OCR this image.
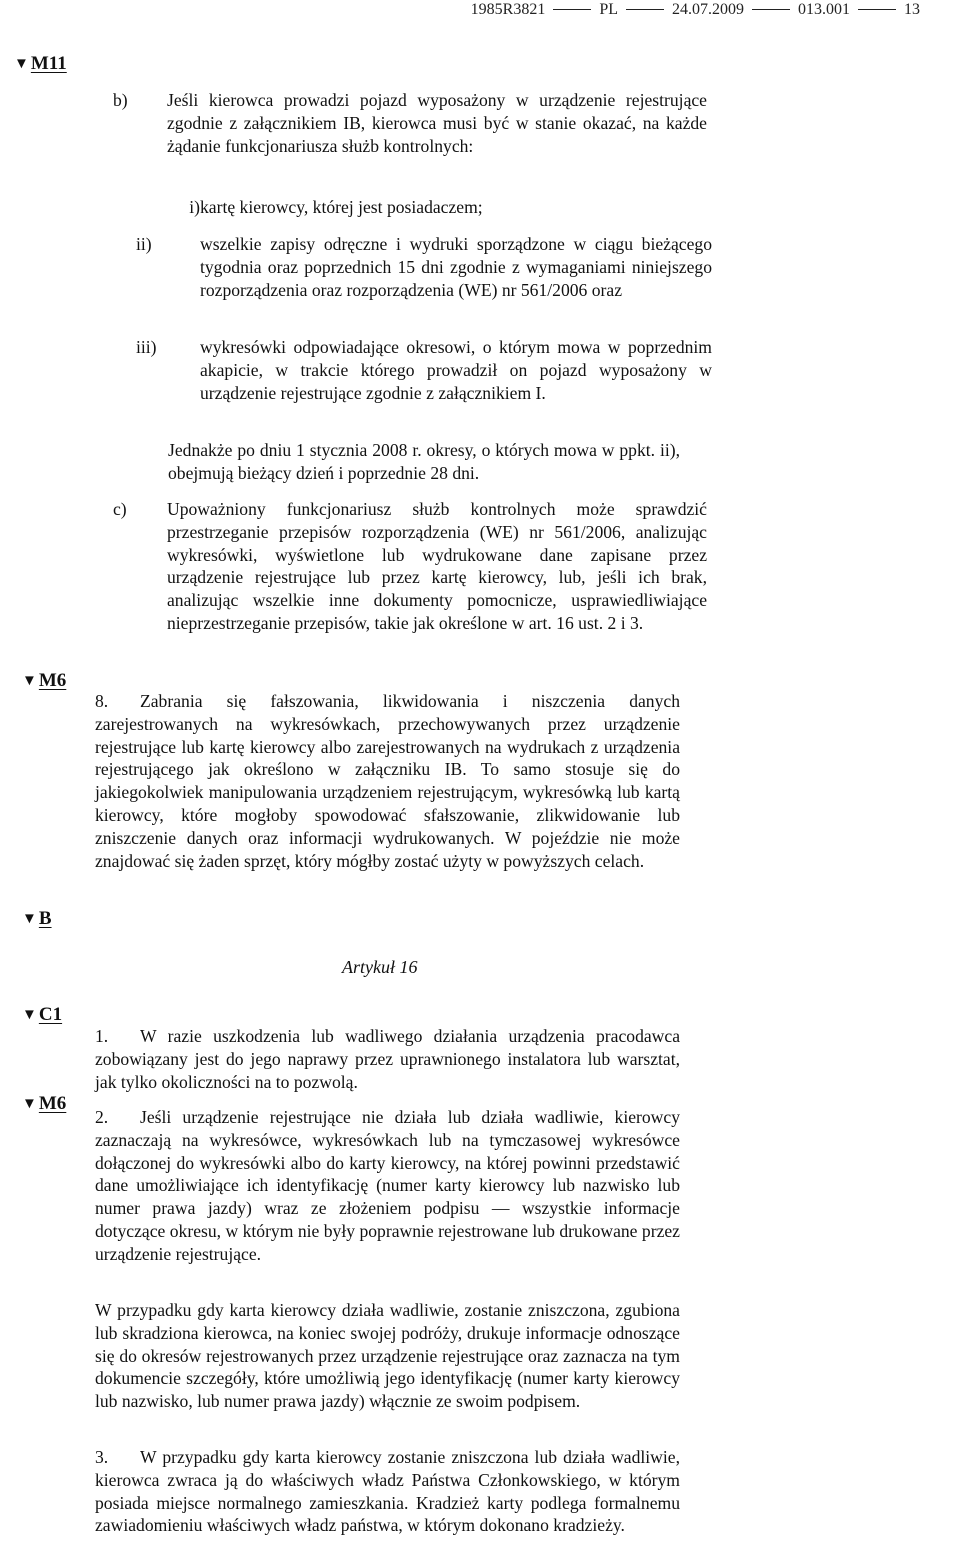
1985R3821	PL	24.07.2009	013.001	13
▼ M11
▼ M6
▼ B
▼ C1
▼ M6

b) Jeśli kierowca prowadzi pojazd wyposażony w urządzenie rejestrujące zgodnie z załącznikiem IB, kierowca musi być w stanie okazać, na każde żądanie funkcjonariusza służb kontrolnych:

i)kartę kierowcy, której jest posiadaczem;

ii)	wszelkie zapisy odręczne i wydruki sporządzone w ciągu bieżącego tygodnia oraz poprzednich 15 dni zgodnie z wymaganiami niniejszego rozporządzenia oraz rozporządzenia (WE) nr 561/2006 oraz

iii) wykresówki odpowiadające okresowi, o którym mowa w poprzednim akapicie, w trakcie którego prowadził on pojazd wyposażony w urządzenie rejestrujące zgodnie z załącznikiem I.

Jednakże po dniu 1 stycznia 2008 r. okresy, o których mowa w ppkt. ii), obejmują bieżący dzień i poprzednie 28 dni.

c) Upoważniony funkcjonariusz służb kontrolnych może sprawdzić przestrzeganie przepisów rozporządzenia (WE) nr 561/2006, analizując wykresówki, wyświetlone lub wydrukowane dane zapisane przez urządzenie rejestrujące lub przez kartę kierowcy, lub, jeśli ich brak, analizując wszelkie inne dokumenty pomocnicze, usprawiedliwiające nieprzestrzeganie przepisów, takie jak określone w art. 16 ust. 2 i 3.

8. Zabrania się fałszowania, likwidowania i niszczenia danych zarejestrowanych na wykresówkach, przechowywanych przez urządzenie rejestrujące lub kartę kierowcy albo zarejestrowanych na wydrukach z urządzenia rejestrującego jak określono w załączniku IB. To samo stosuje się do jakiegokolwiek manipulowania urządzeniem rejestrującym, wykresówką lub kartą kierowcy, które mogłoby spowodować sfałszowanie, zlikwidowanie lub zniszczenie danych oraz informacji wydrukowanych. W pojeździe nie może znajdować się żaden sprzęt, który mógłby zostać użyty w powyższych celach.

Artykuł 16

1. W razie uszkodzenia lub wadliwego działania urządzenia pracodawca zobowiązany jest do jego naprawy przez uprawnionego instalatora lub warsztat, jak tylko okoliczności na to pozwolą.

2. Jeśli urządzenie rejestrujące nie działa lub działa wadliwie, kierowcy zaznaczają na wykresówce, wykresówkach lub na tymczasowej wykresówce dołączonej do wykresówki albo do karty kierowcy, na której powinni przedstawić dane umożliwiające ich identyfikację (numer karty kierowcy lub nazwisko lub numer prawa jazdy) wraz ze złożeniem podpisu — wszystkie informacje dotyczące okresu, w którym nie były poprawnie rejestrowane lub drukowane przez urządzenie rejestrujące.

W przypadku gdy karta kierowcy działa wadliwie, zostanie zniszczona, zgubiona lub skradziona kierowca, na koniec swojej podróży, drukuje informacje odnoszące się do okresów rejestrowanych przez urządzenie rejestrujące oraz zaznacza na tym dokumencie szczegóły, które umożliwią jego identyfikację (numer karty kierowcy lub nazwisko, lub numer prawa jazdy) włącznie ze swoim podpisem.

3. W przypadku gdy karta kierowcy zostanie zniszczona lub działa wadliwie, kierowca zwraca ją do właściwych władz Państwa Członkowskiego, w którym posiada miejsce normalnego zamieszkania. Kradzież karty podlega formalnemu zawiadomieniu właściwych władz państwa, w którym dokonano kradzieży.
